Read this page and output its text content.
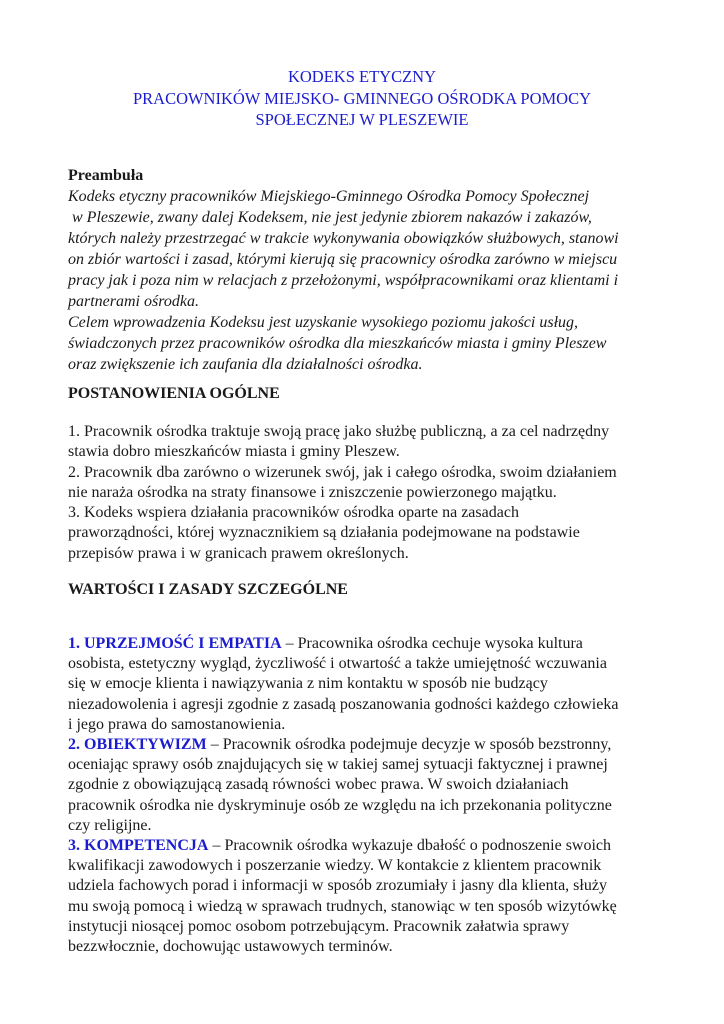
KODEKS ETYCZNY
PRACOWNIKÓW MIEJSKO- GMINNEGO OŚRODKA POMOCY
SPOŁECZNEJ W PLESZEWIE
Preambuła
Kodeks etyczny pracowników Miejskiego-Gminnego Ośrodka Pomocy Społecznej
w Pleszewie, zwany dalej Kodeksem, nie jest jedynie zbiorem nakazów i zakazów,
których należy przestrzegać w trakcie wykonywania obowiązków służbowych, stanowi
on zbiór wartości i zasad, którymi kierują się pracownicy ośrodka zarówno w miejscu
pracy jak i poza nim w relacjach z przełożonymi, współpracownikami oraz klientami i
partnerami ośrodka.
Celem wprowadzenia Kodeksu jest uzyskanie wysokiego poziomu jakości usług,
świadczonych przez pracowników ośrodka dla mieszkańców miasta i gminy Pleszew
oraz zwiększenie ich zaufania dla działalności ośrodka.
POSTANOWIENIA OGÓLNE
1. Pracownik ośrodka traktuje swoją pracę jako służbę publiczną, a za cel nadrzędny
stawia dobro mieszkańców miasta i gminy Pleszew.
2. Pracownik dba zarówno o wizerunek swój, jak i całego ośrodka, swoim działaniem
nie naraża ośrodka na straty finansowe i zniszczenie powierzonego majątku.
3. Kodeks wspiera działania pracowników ośrodka oparte na zasadach
praworządności, której wyznacznikiem są działania podejmowane na podstawie
przepisów prawa i w granicach prawem określonych.
WARTOŚCI I ZASADY SZCZEGÓLNE
1. UPRZEJMOŚĆ I EMPATIA – Pracownika ośrodka cechuje wysoka kultura
osobista, estetyczny wygląd, życzliwość i otwartość a także umiejętność wczuwania
się w emocje klienta i nawiązywania z nim kontaktu w sposób nie budzący
niezadowolenia i agresji zgodnie z zasadą poszanowania godności każdego człowieka
i jego prawa do samostanowienia.
2. OBIEKTYWIZM – Pracownik ośrodka podejmuje decyzje w sposób bezstronny,
oceniając sprawy osób znajdujących się w takiej samej sytuacji faktycznej i prawnej
zgodnie z obowiązującą zasadą równości wobec prawa. W swoich działaniach
pracownik ośrodka nie dyskryminuje osób ze względu na ich przekonania polityczne
czy religijne.
3. KOMPETENCJA – Pracownik ośrodka wykazuje dbałość o podnoszenie swoich
kwalifikacji zawodowych i poszerzanie wiedzy. W kontakcie z klientem pracownik
udziela fachowych porad i informacji w sposób zrozumiały i jasny dla klienta, służy
mu swoją pomocą i wiedzą w sprawach trudnych, stanowiąc w ten sposób wizytówkę
instytucji niosącej pomoc osobom potrzebującym. Pracownik załatwia sprawy
bezzwłocznie, dochowując ustawowych terminów.
